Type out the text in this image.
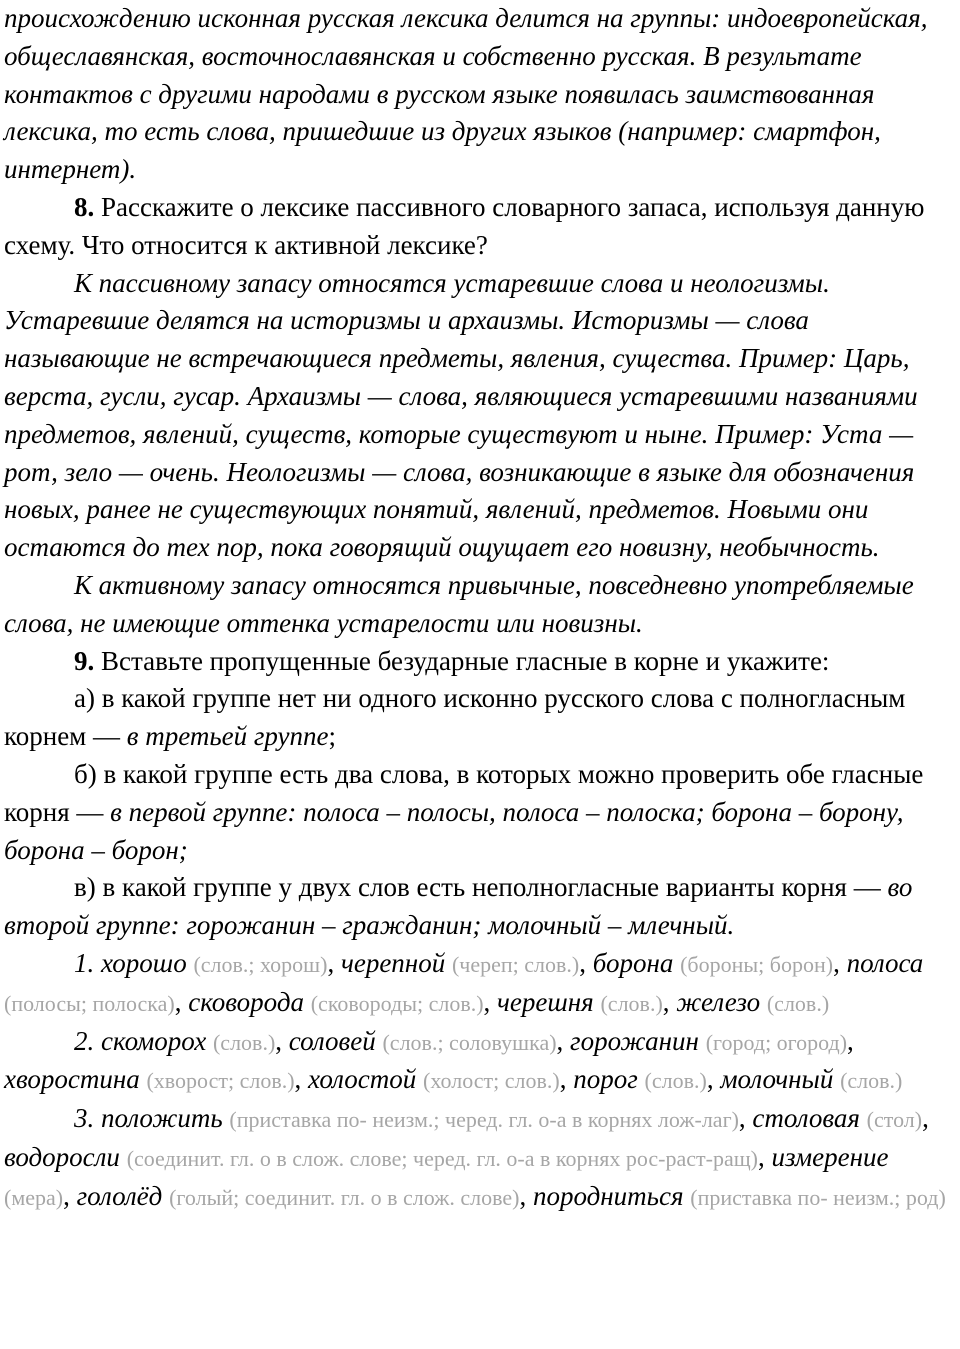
происхождению исконная русская лексика делится на группы: индоевропейская, общеславянская, восточнославянская и собственно русская. В результате контактов с другими народами в русском языке появилась заимствованная лексика, то есть слова, пришедшие из других языков (например: смартфон, интернет).

8. Расскажите о лексике пассивного словарного запаса, используя данную схему. Что относится к активной лексике?

К пассивному запасу относятся устаревшие слова и неологизмы. Устаревшие делятся на историзмы и архаизмы. Историзмы — слова называющие не встречающиеся предметы, явления, существа. Пример: Царь, верста, гусли, гусар. Архаизмы — слова, являющиеся устаревшими названиями предметов, явлений, существ, которые существуют и ныне. Пример: Уста — рот, зело — очень. Неологизмы — слова, возникающие в языке для обозначения новых, ранее не существующих понятий, явлений, предметов. Новыми они остаются до тех пор, пока говорящий ощущает его новизну, необычность.

К активному запасу относятся привычные, повседневно употребляемые слова, не имеющие оттенка устарелости или новизны.

9. Вставьте пропущенные безударные гласные в корне и укажите:

а) в какой группе нет ни одного исконно русского слова с полногласным корнем — в третьей группе;

б) в какой группе есть два слова, в которых можно проверить обе гласные корня — в первой группе: полоса – полосы, полоса – полоска; борона – борону, борона – борон;

в) в какой группе у двух слов есть неполногласные варианты корня — во второй группе: горожанин – гражданин; молочный – млечный.

1. хорошо (слов.; хорош), черепной (череп; слов.), борона (бороны; борон), полоса (полосы; полоска), сковорода (сковороды; слов.), черешня (слов.), железо (слов.)

2. скоморох (слов.), соловей (слов.; соловушка), горожанин (город; огород), хворостина (хворост; слов.), холостой (холост; слов.), порог (слов.), молочный (слов.)

3. положить (приставка по- неизм.; черед. гл. о-а в корнях лож-лаг), столовая (стол), водоросли (соединит. гл. о в слож. слове; черед. гл. о-а в корнях рос-раст-ращ), измерение (мера), гололёд (голый; соединит. гл. о в слож. слове), породниться (приставка по- неизм.; род)
